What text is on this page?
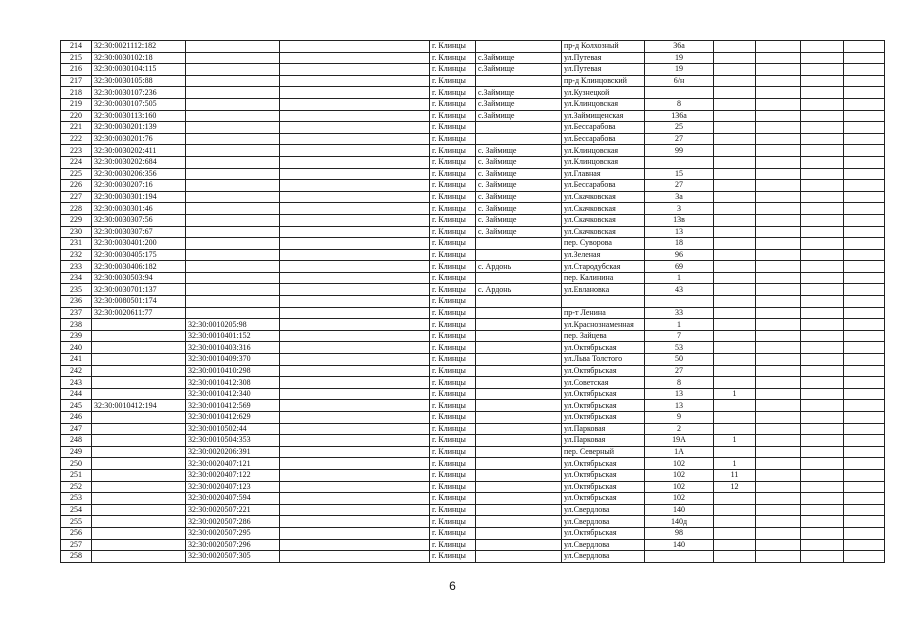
214	32:30:0021112:182			г. Клинцы		пр-д Колхозный	36а				
215	32:30:0030102:18			г. Клинцы	с.Займище	ул.Путевая	19				
216	32:30:0030104:115			г. Клинцы	с.Займище	ул.Путевая	19				
217	32:30:0030105:88			г. Клинцы		пр-д Клинцовский	6/н				
218	32:30:0030107:236			г. Клинцы	с.Займище	ул.Кузнецкой					
219	32:30:0030107:505			г. Клинцы	с.Займище	ул.Клинцовская	8				
220	32:30:0030113:160			г. Клинцы	с.Займище	ул.Займищенская	136а				
221	32:30:0030201:139			г. Клинцы		ул.Бессарабова	25				
222	32:30:0030201:76			г. Клинцы		ул.Бессарабова	27				
223	32:30:0030202:411			г. Клинцы	с. Займище	ул.Клинцовская	99				
224	32:30:0030202:684			г. Клинцы	с. Займище	ул.Клинцовская					
225	32:30:0030206:356			г. Клинцы	с. Займище	ул.Главная	15				
226	32:30:0030207:16			г. Клинцы	с. Займище	ул.Бессарабова	27				
227	32:30:0030301:194			г. Клинцы	с. Займище	ул.Скачковская	3а				
228	32:30:0030301:46			г. Клинцы	с. Займище	ул.Скачковская	3				
229	32:30:0030307:56			г. Клинцы	с. Займище	ул.Скачковская	13в				
230	32:30:0030307:67			г. Клинцы	с. Займище	ул.Скачковская	13				
231	32:30:0030401:200			г. Клинцы		пер. Суворова	18				
232	32:30:0030405:175			г. Клинцы		ул.Зеленая	96				
233	32:30:0030406:182			г. Клинцы	с. Ардонь	ул.Стародубская	69				
234	32:30:0030503:94			г. Клинцы		пер. Калинина	1				
235	32:30:0030701:137			г. Клинцы	с. Ардонь	ул.Евлановка	43				
236	32:30:0080501:174			г. Клинцы							
237	32:30:0020611:77			г. Клинцы		пр-т Ленина	33				
238		32:30:0010205:98		г. Клинцы		ул.Краснознаменная	1				
239		32:30:0010401:152		г. Клинцы		пер. Зайцева	7				
240		32:30:0010403:316		г. Клинцы		ул.Октябрьская	53				
241		32:30:0010409:370		г. Клинцы		ул.Льва Толстого	50				
242		32:30:0010410:298		г. Клинцы		ул.Октябрьская	27				
243		32:30:0010412:308		г. Клинцы		ул.Советская	8				
244		32:30:0010412:340		г. Клинцы		ул.Октябрьская	13	1			
245	32:30:0010412:194	32:30:0010412:569		г. Клинцы		ул.Октябрьская	13				
246		32:30:0010412:629		г. Клинцы		ул.Октябрьская	9				
247		32:30:0010502:44		г. Клинцы		ул.Парковая	2				
248		32:30:0010504:353		г. Клинцы		ул.Парковая	19А	1			
249		32:30:0020206:391		г. Клинцы		пер. Северный	1А				
250		32:30:0020407:121		г. Клинцы		ул.Октябрьская	102	1			
251		32:30:0020407:122		г. Клинцы		ул.Октябрьская	102	11			
252		32:30:0020407:123		г. Клинцы		ул.Октябрьская	102	12			
253		32:30:0020407:594		г. Клинцы		ул.Октябрьская	102				
254		32:30:0020507:221		г. Клинцы		ул.Свердлова	140				
255		32:30:0020507:286		г. Клинцы		ул.Свердлова	140д				
256		32:30:0020507:295		г. Клинцы		ул.Октябрьская	98				
257		32:30:0020507:296		г. Клинцы		ул.Свердлова	140				
258		32:30:0020507:305		г. Клинцы		ул.Свердлова					
6
